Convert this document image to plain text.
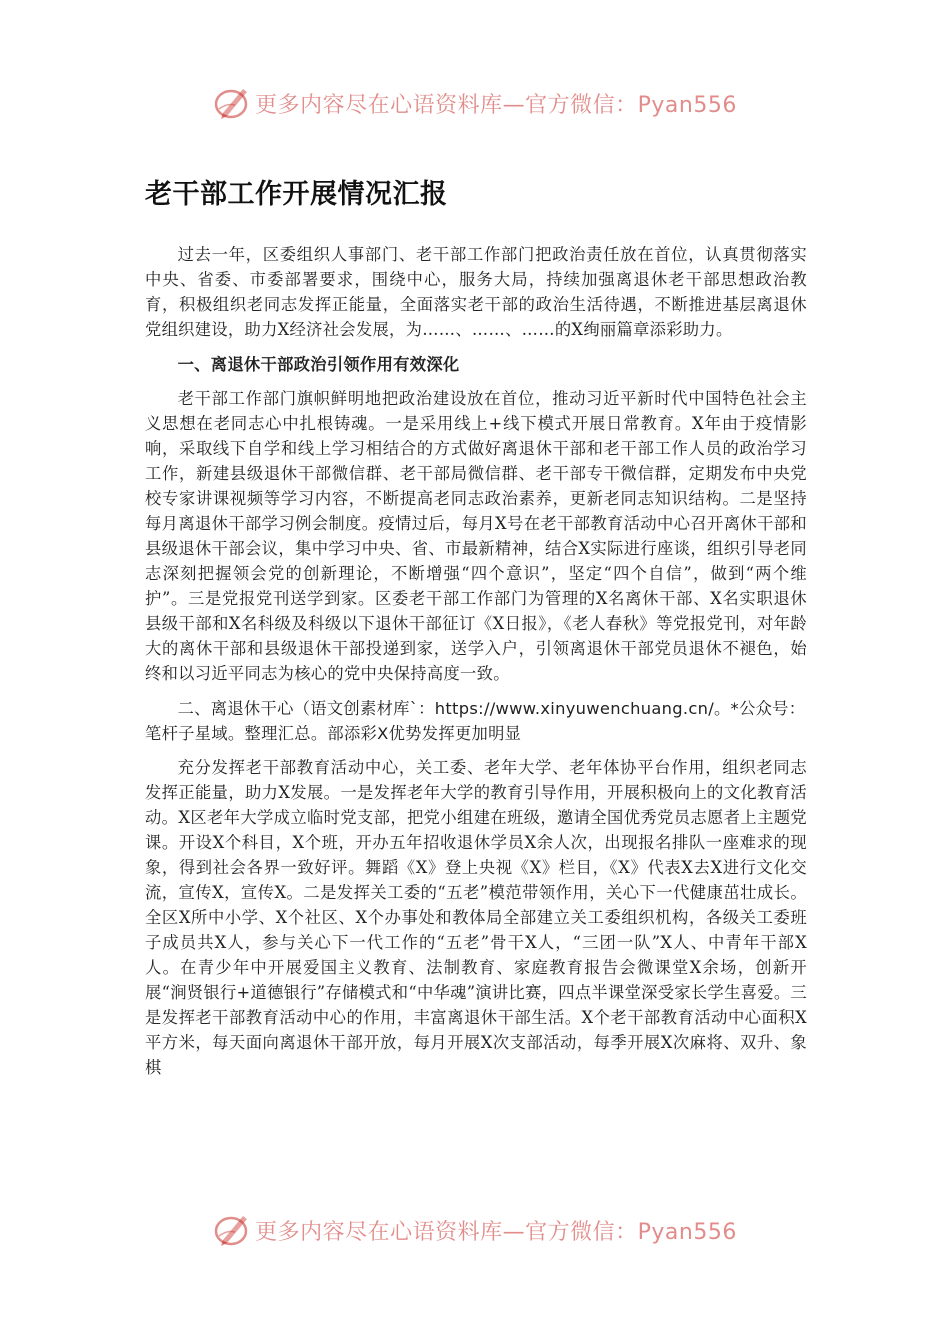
更多内容尽在心语资料库—官方微信：Pyan556
老干部工作开展情况汇报

过去一年，区委组织人事部门、老干部工作部门把政治责任放在首位，认真贯彻落实中央、省委、市委部署要求，围绕中心，服务大局，持续加强离退休老干部思想政治教育，积极组织老同志发挥正能量，全面落实老干部的政治生活待遇，不断推进基层离退休党组织建设，助力X经济社会发展，为……、……、……的X绚丽篇章添彩助力。

一、离退休干部政治引领作用有效深化

老干部工作部门旗帜鲜明地把政治建设放在首位，推动习近平新时代中国特色社会主义思想在老同志心中扎根铸魂。一是采用线上+线下模式开展日常教育。X年由于疫情影响，采取线下自学和线上学习相结合的方式做好离退休干部和老干部工作人员的政治学习工作，新建县级退休干部微信群、老干部局微信群、老干部专干微信群，定期发布中央党校专家讲课视频等学习内容，不断提高老同志政治素养，更新老同志知识结构。二是坚持每月离退休干部学习例会制度。疫情过后，每月X号在老干部教育活动中心召开离休干部和县级退休干部会议，集中学习中央、省、市最新精神，结合X实际进行座谈，组织引导老同志深刻把握领会党的创新理论，不断增强“四个意识”，坚定“四个自信”，做到“两个维护”。三是党报党刊送学到家。区委老干部工作部门为管理的X名离休干部、X名实职退休县级干部和X名科级及科级以下退休干部征订《X日报》，《老人春秋》等党报党刊，对年龄大的离休干部和县级退休干部投递到家，送学入户，引领离退休干部党员退休不褪色，始终和以习近平同志为核心的党中央保持高度一致。

二、离退休干心（语文创素材库`：https://www.xinyuwenchuang.cn/。*公众号：笔杆子星域。整理汇总。部添彩X优势发挥更加明显

充分发挥老干部教育活动中心，关工委、老年大学、老年体协平台作用，组织老同志发挥正能量，助力X发展。一是发挥老年大学的教育引导作用，开展积极向上的文化教育活动。X区老年大学成立临时党支部，把党小组建在班级，邀请全国优秀党员志愿者上主题党课。开设X个科目，X个班，开办五年招收退休学员X余人次，出现报名排队一座难求的现象，得到社会各界一致好评。舞蹈《X》登上央视《X》栏目，《X》代表X去X进行文化交流，宣传X，宣传X。二是发挥关工委的“五老”模范带领作用，关心下一代健康茁壮成长。全区X所中小学、X个社区、X个办事处和教体局全部建立关工委组织机构，各级关工委班子成员共X人，参与关心下一代工作的“五老”骨干X人，“三团一队”X人、中青年干部X人。在青少年中开展爱国主义教育、法制教育、家庭教育报告会微课堂X余场，创新开展“涧贤银行+道德银行”存储模式和“中华魂”演讲比赛，四点半课堂深受家长学生喜爱。三是发挥老干部教育活动中心的作用，丰富离退休干部生活。X个老干部教育活动中心面积X平方米，每天面向离退休干部开放，每月开展X次支部活动，每季开展X次麻将、双升、象棋

更多内容尽在心语资料库—官方微信：Pyan556
